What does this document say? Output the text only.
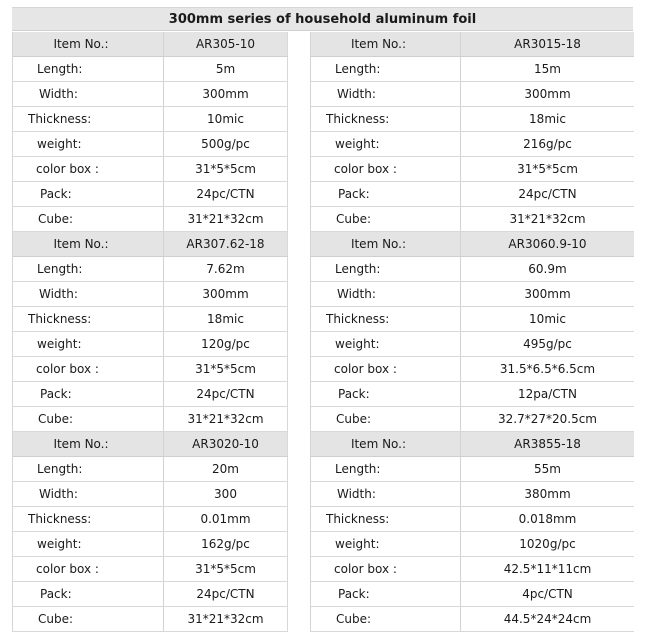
300mm series of household aluminum foil
Item No.:	AR305-10
Length:	5m
Width:	300mm
Thickness:	10mic
weight:	500g/pc
color box :	31*5*5cm
Pack:	24pc/CTN
Cube:	31*21*32cm
Item No.:	AR307.62-18
Length:	7.62m
Width:	300mm
Thickness:	18mic
weight:	120g/pc
color box :	31*5*5cm
Pack:	24pc/CTN
Cube:	31*21*32cm
Item No.:	AR3020-10
Length:	20m
Width:	300
Thickness:	0.01mm
weight:	162g/pc
color box :	31*5*5cm
Pack:	24pc/CTN
Cube:	31*21*32cm
Item No.:	AR3015-18
Length:	15m
Width:	300mm
Thickness:	18mic
weight:	216g/pc
color box :	31*5*5cm
Pack:	24pc/CTN
Cube:	31*21*32cm
Item No.:	AR3060.9-10
Length:	60.9m
Width:	300mm
Thickness:	10mic
weight:	495g/pc
color box :	31.5*6.5*6.5cm
Pack:	12pa/CTN
Cube:	32.7*27*20.5cm
Item No.:	AR3855-18
Length:	55m
Width:	380mm
Thickness:	0.018mm
weight:	1020g/pc
color box :	42.5*11*11cm
Pack:	4pc/CTN
Cube:	44.5*24*24cm
